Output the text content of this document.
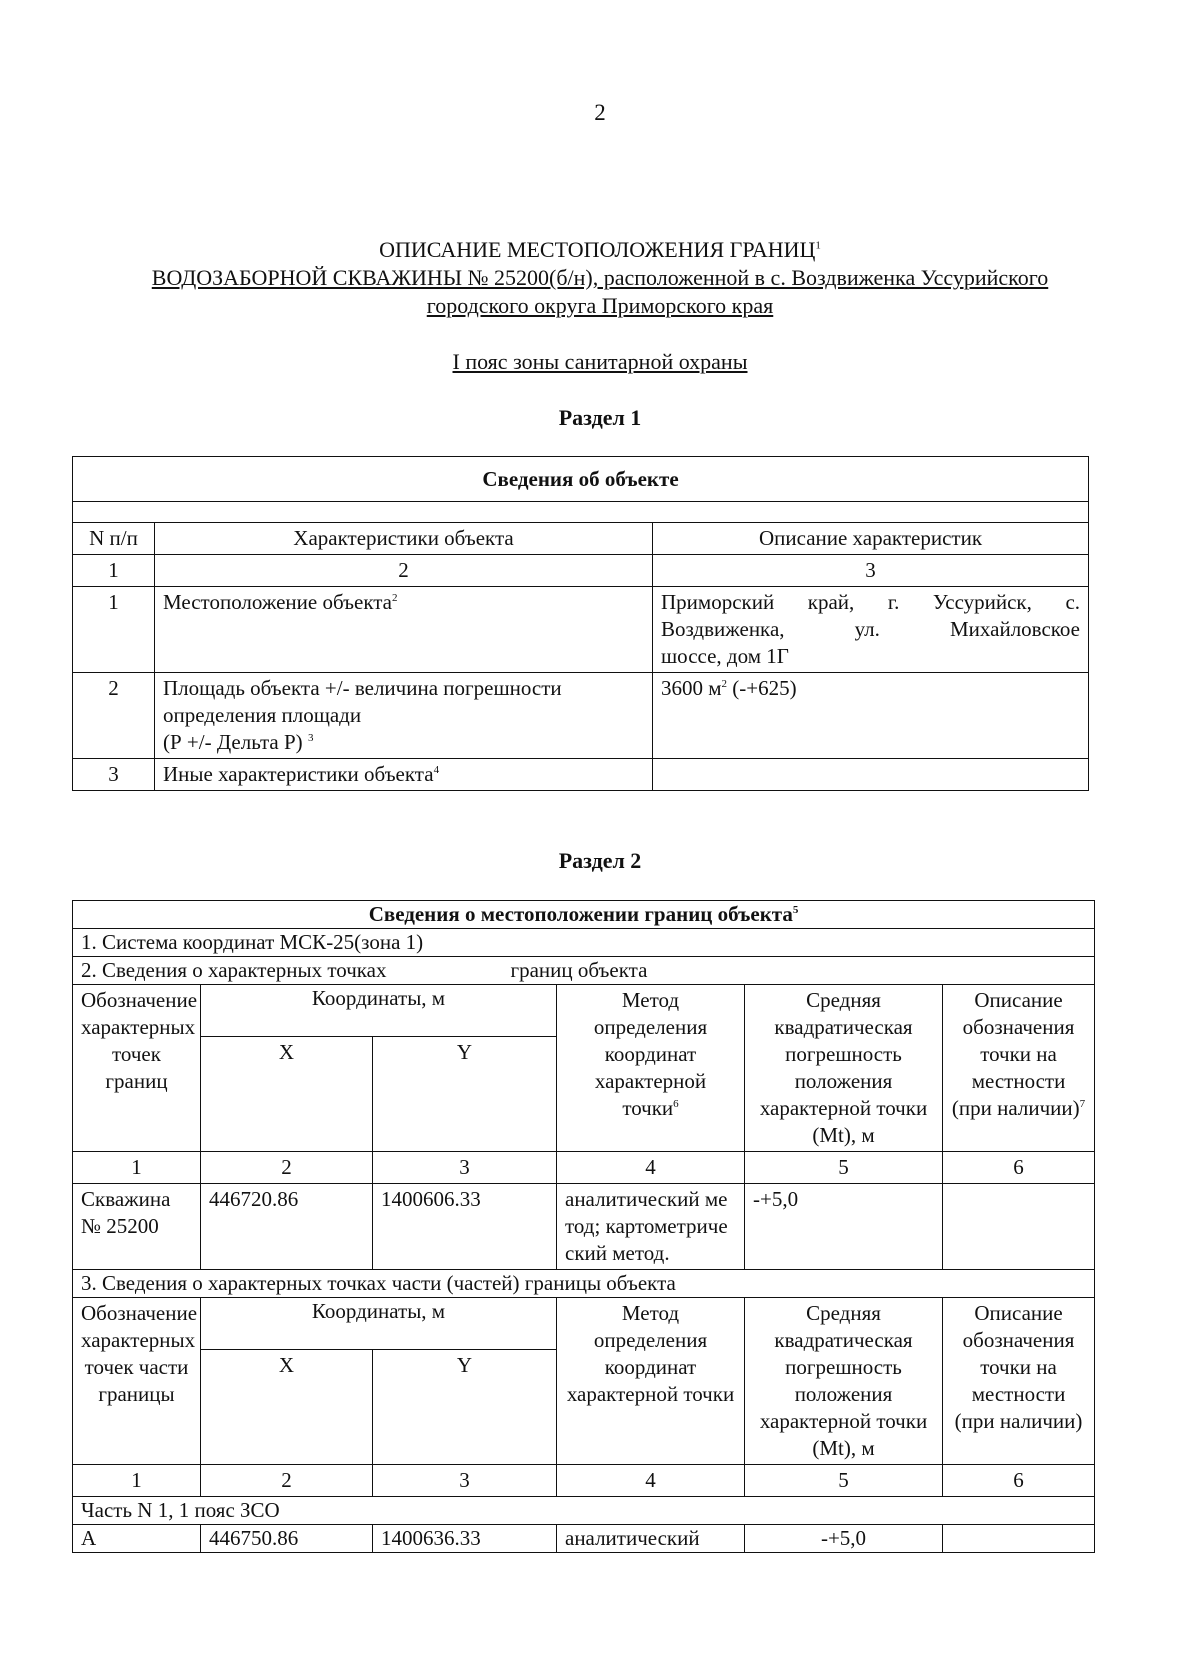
2
ОПИСАНИЕ МЕСТОПОЛОЖЕНИЯ ГРАНИЦ$^1$
ВОДОЗАБОРНОЙ СКВАЖИНЫ № 25200(б/н), расположенной в с. Воздвиженка Уссурийского
городского округа Приморского края
I пояс зоны санитарной охраны
Раздел 1
Сведения об объекте		

N п/п	Характеристики объекта	Описание характеристик
1	2	3
1	Местоположение объекта$^2$	Приморский край, г. Уссурийск, с. Воздвиженка, ул. Михайловское
шоссе, дом 1Г

2	Площадь объекта +/- величина погрешности определения площади
(Р +/- Дельта Р) $^3$	3600 $м^2$ (-+625)
3	Иные характеристики объекта$^4$	
Раздел 2
Сведения о местоположении границ объекта$^5$
1. Система координат МСК-25(зона 1)					
2. Сведения о характерных точках границ объекта					
Обозначение характерных точек границ	Координаты, м		Метод определения координат характерной точки$^6$	Средняя квадратическая погрешность положения характерной точки (Mt), м	Описание обозначения точки на местности (при наличии)$^7$
	X	Y			
1	2	3	4	5	6
Скважина № 25200	446720.86	1400606.33	аналитический метод; картометрический метод.	-+5,0	
3. Сведения о характерных точках части (частей) границы объекта					
Обозначение характерных точек части границы	Координаты, м		Метод определения координат характерной точки	Средняя квадратическая погрешность положения характерной точки (Mt), м	Описание обозначения точки на местности (при наличии)
	X	Y			
1	2	3	4	5	6
Часть N 1, 1 пояс ЗСО					
А	446750.86	1400636.33	аналитический	-+5,0	
